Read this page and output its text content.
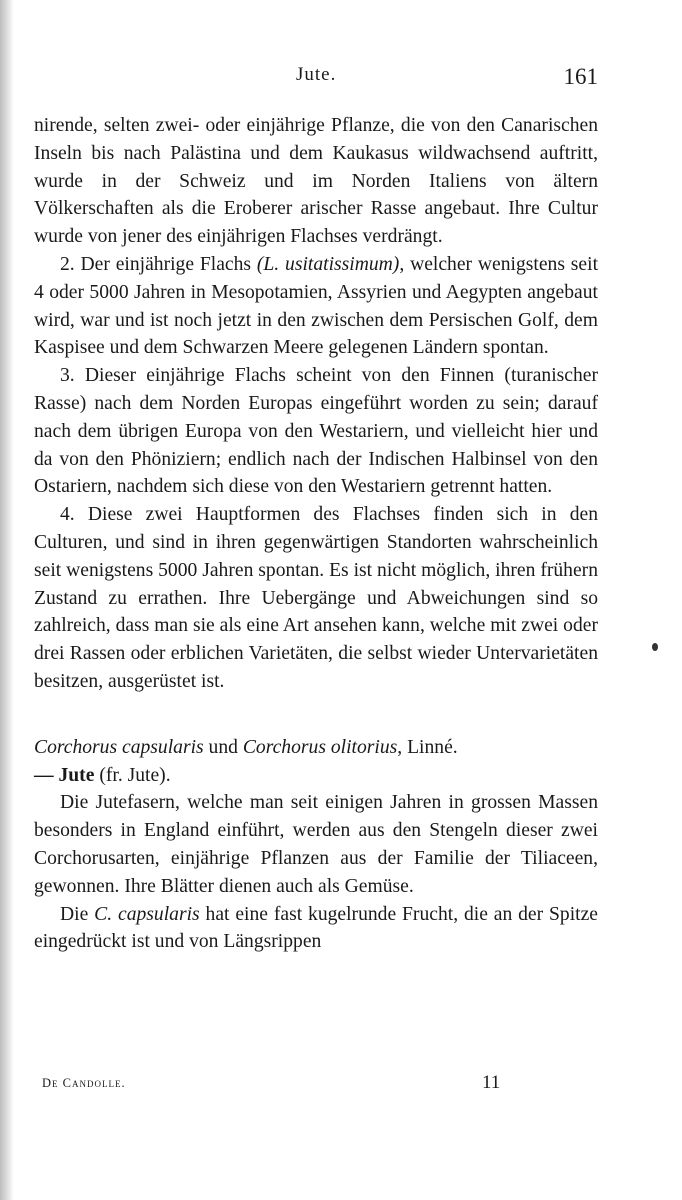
Jute.	161

nirende, selten zwei- oder einjährige Pflanze, die von den Canarischen Inseln bis nach Palästina und dem Kaukasus wildwachsend auftritt, wurde in der Schweiz und im Norden Italiens von ältern Völkerschaften als die Eroberer arischer Rasse angebaut. Ihre Cultur wurde von jener des einjährigen Flachses verdrängt.

2. Der einjährige Flachs (L. usitatissimum), welcher wenigstens seit 4 oder 5000 Jahren in Mesopotamien, Assyrien und Aegypten angebaut wird, war und ist noch jetzt in den zwischen dem Persischen Golf, dem Kaspisee und dem Schwarzen Meere gelegenen Ländern spontan.

3. Dieser einjährige Flachs scheint von den Finnen (turanischer Rasse) nach dem Norden Europas eingeführt worden zu sein; darauf nach dem übrigen Europa von den Westariern, und vielleicht hier und da von den Phöniziern; endlich nach der Indischen Halbinsel von den Ostariern, nachdem sich diese von den Westariern getrennt hatten.

4. Diese zwei Hauptformen des Flachses finden sich in den Culturen, und sind in ihren gegenwärtigen Standorten wahrscheinlich seit wenigstens 5000 Jahren spontan. Es ist nicht möglich, ihren frühern Zustand zu errathen. Ihre Uebergänge und Abweichungen sind so zahlreich, dass man sie als eine Art ansehen kann, welche mit zwei oder drei Rassen oder erblichen Varietäten, die selbst wieder Untervarietäten besitzen, ausgerüstet ist.

Corchorus capsularis und Corchorus olitorius, Linné.
— Jute (fr. Jute).

Die Jutefasern, welche man seit einigen Jahren in grossen Massen besonders in England einführt, werden aus den Stengeln dieser zwei Corchorusarten, einjährige Pflanzen aus der Familie der Tiliaceen, gewonnen. Ihre Blätter dienen auch als Gemüse.

Die C. capsularis hat eine fast kugelrunde Frucht, die an der Spitze eingedrückt ist und von Längsrippen

De Candolle.	11
